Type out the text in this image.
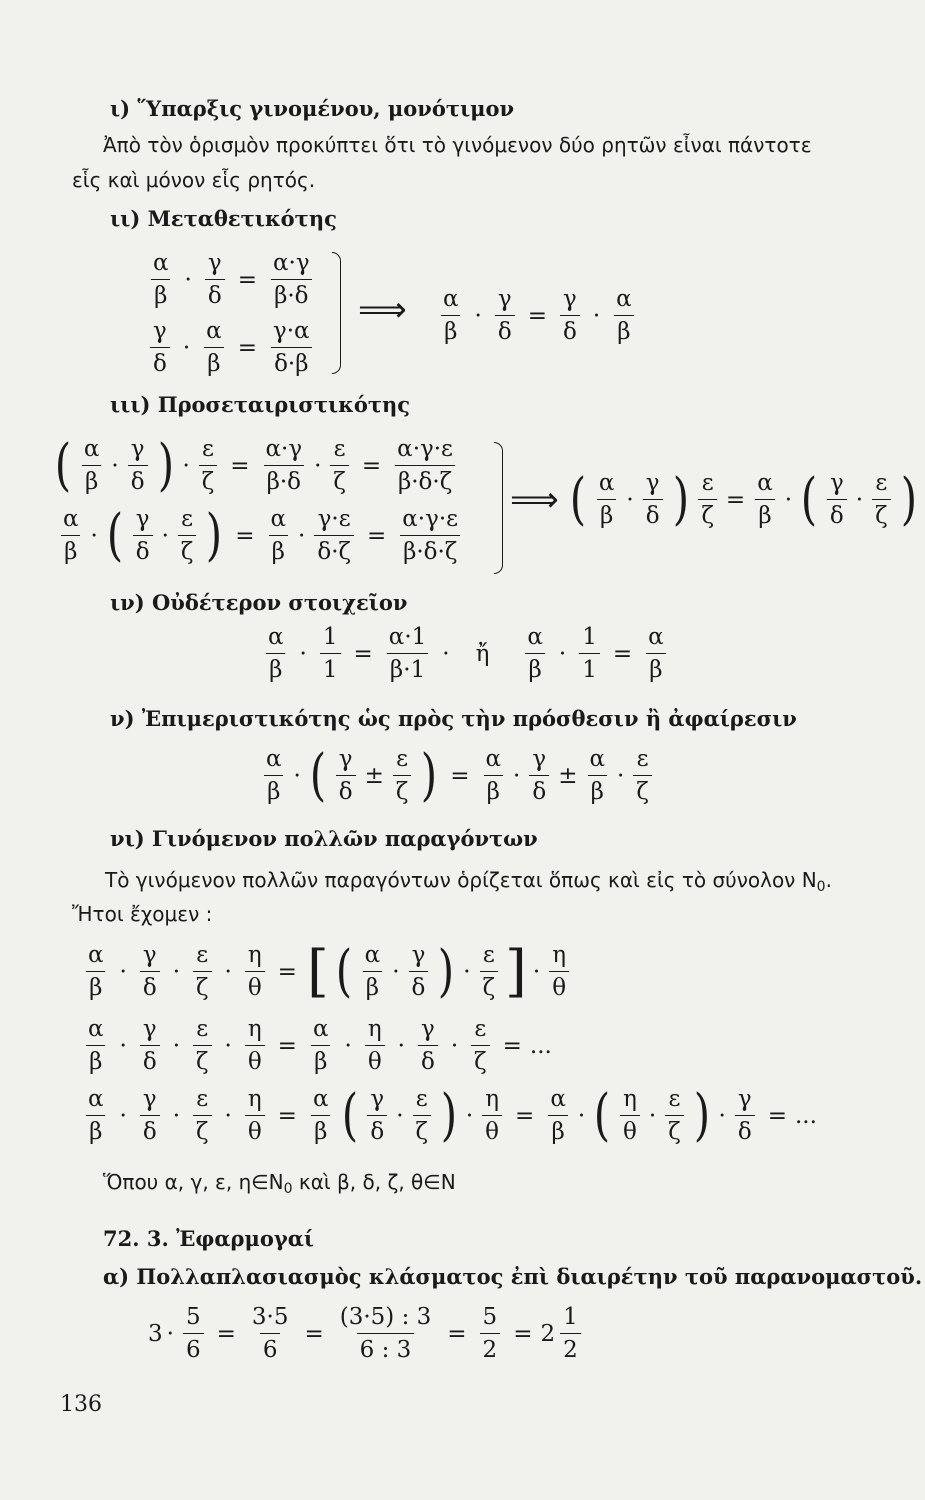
ι) Ὕπαρξις γινομένου, μονότιμον
Ἀπὸ τὸν ὁρισμὸν προκύπτει ὅτι τὸ γινόμενον δύο ρητῶν εἶναι πάντοτε
εἷς καὶ μόνον εἷς ρητός.
ιι) Μεταθετικότης
$\frac{\alpha}{\beta} \cdot \frac{\gamma}{\delta} = \frac{\alpha\cdot\gamma}{\beta\cdot\delta}$
$\frac{\gamma}{\delta} \cdot \frac{\alpha}{\beta} = \frac{\gamma\cdot\alpha}{\delta\cdot\beta}$
⟹ $\frac{\alpha}{\beta} \cdot \frac{\gamma}{\delta} = \frac{\gamma}{\delta} \cdot \frac{\alpha}{\beta}$
ιιι) Προσεταιριστικότης
( $\frac{\alpha}{\beta} \cdot \frac{\gamma}{\delta}$ ) · $\frac{\varepsilon}{\zeta} = \frac{\alpha\cdot\gamma}{\beta\cdot\delta} \cdot \frac{\varepsilon}{\zeta} = \frac{\alpha\cdot\gamma\cdot\varepsilon}{\beta\cdot\delta\cdot\zeta}$
$\frac{\alpha}{\beta}$ · ( $\frac{\gamma}{\delta} \cdot \frac{\varepsilon}{\zeta}$ ) = $\frac{\alpha}{\beta} \cdot \frac{\gamma\cdot\varepsilon}{\delta\cdot\zeta} = \frac{\alpha\cdot\gamma\cdot\varepsilon}{\beta\cdot\delta\cdot\zeta}$
⟹ ( $\frac{\alpha}{\beta} \cdot \frac{\gamma}{\delta}$ ) $\frac{\varepsilon}{\zeta} = \frac{\alpha}{\beta}$ · ( $\frac{\gamma}{\delta} \cdot \frac{\varepsilon}{\zeta}$ )
ιν) Οὐδέτερον στοιχεῖον
$\frac{\alpha}{\beta} \cdot \frac{1}{1} = \frac{\alpha\cdot 1}{\beta\cdot 1}$ · ἤ $\frac{\alpha}{\beta} \cdot \frac{1}{1} = \frac{\alpha}{\beta}$
ν) Ἐπιμεριστικότης ὡς πρὸς τὴν πρόσθεσιν ἢ ἀφαίρεσιν
$\frac{\alpha}{\beta}$ · ( $\frac{\gamma}{\delta} \pm \frac{\varepsilon}{\zeta}$ ) = $\frac{\alpha}{\beta} \cdot \frac{\gamma}{\delta} \pm \frac{\alpha}{\beta} \cdot \frac{\varepsilon}{\zeta}$
νι) Γινόμενον πολλῶν παραγόντων
Τὸ γινόμενον πολλῶν παραγόντων ὁρίζεται ὅπως καὶ εἰς τὸ σύνολον $N_0$.
Ἤτοι ἔχομεν :
$\frac{\alpha}{\beta} \cdot \frac{\gamma}{\delta} \cdot \frac{\varepsilon}{\zeta} \cdot \frac{\eta}{\theta}$ = [ ( $\frac{\alpha}{\beta} \cdot \frac{\gamma}{\delta}$ ) · $\frac{\varepsilon}{\zeta}$ ] · $\frac{\eta}{\theta}$
$\frac{\alpha}{\beta} \cdot \frac{\gamma}{\delta} \cdot \frac{\varepsilon}{\zeta} \cdot \frac{\eta}{\theta} = \frac{\alpha}{\beta} \cdot \frac{\eta}{\theta} \cdot \frac{\gamma}{\delta} \cdot \frac{\varepsilon}{\zeta}$ = ...
$\frac{\alpha}{\beta} \cdot \frac{\gamma}{\delta} \cdot \frac{\varepsilon}{\zeta} \cdot \frac{\eta}{\theta} = \frac{\alpha}{\beta}$ ( $\frac{\gamma}{\delta} \cdot \frac{\varepsilon}{\zeta}$ ) · $\frac{\eta}{\theta} = \frac{\alpha}{\beta}$ · ( $\frac{\eta}{\theta} \cdot \frac{\varepsilon}{\zeta}$ ) · $\frac{\gamma}{\delta}$ = ...
Ὅπου α, γ, ε, $\eta\in N_0$ καὶ β, δ, ζ, θ∈N
72. 3. Ἐφαρμογαί
α) Πολλαπλασιασμὸς κλάσματος ἐπὶ διαιρέτην τοῦ παρανομαστοῦ.
$3 \cdot \frac{5}{6} = \frac{3\cdot 5}{6} = \frac{(3\cdot 5) : 3}{6 : 3} = \frac{5}{2} = 2 \frac{1}{2}$
136
